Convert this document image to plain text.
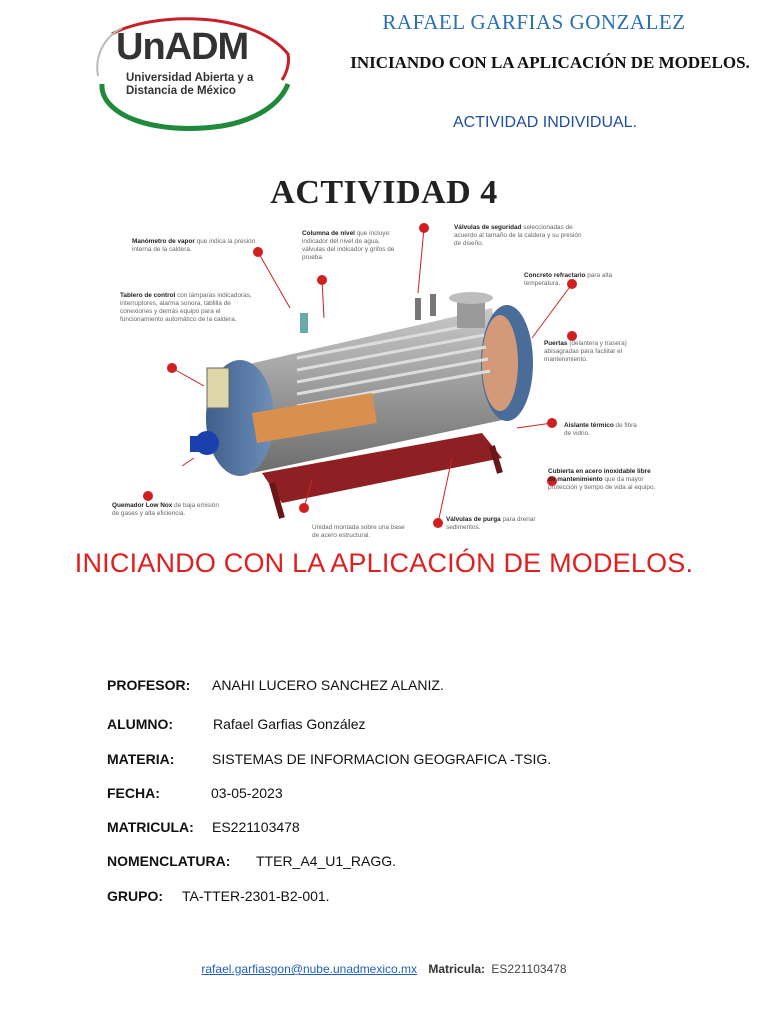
UnADM
Universidad Abierta y a
Distancia de México
RAFAEL GARFIAS GONZALEZ
INICIANDO CON LA APLICACIÓN DE MODELOS.
ACTIVIDAD INDIVIDUAL.
ACTIVIDAD 4
Manómetro de vapor que indica la presión interna de la caldera.
Columna de nivel que incluye: indicador del nivel de agua, válvulas del indicador y grifos de prueba.
Válvulas de seguridad seleccionadas de acuerdo al tamaño de la caldera y su presión de diseño.
Concreto refractario para alta temperatura.
Tablero de control con lámparas indicadoras, interruptores, alarma sonora, tablilla de conexiones y demás equipo para el funcionamiento automático de la caldera.
Puertas (delantera y trasera) abisagradas para facilitar el mantenimiento.
Aislante térmico de fibra de vidrio.
Cubierta en acero inoxidable libre de mantenimiento que da mayor protección y tiempo de vida al equipo.
Quemador Low Nox de baja emisión de gases y alta eficiencia.
Unidad montada sobre una base de acero estructural.
Válvulas de purga para drenar sedimentos.
INICIANDO CON LA APLICACIÓN DE MODELOS.
PROFESOR: ANAHI LUCERO SANCHEZ ALANIZ.
ALUMNO:	Rafael Garfias González
MATERIA:	SISTEMAS DE INFORMACION GEOGRAFICA -TSIG.
FECHA:	03-05-2023
MATRICULA: ES221103478
NOMENCLATURA: TTER_A4_U1_RAGG.
GRUPO: TA-TTER-2301-B2-001.
rafael.garfiasgon@nube.unadmexico.mx Matricula: ES221103478
